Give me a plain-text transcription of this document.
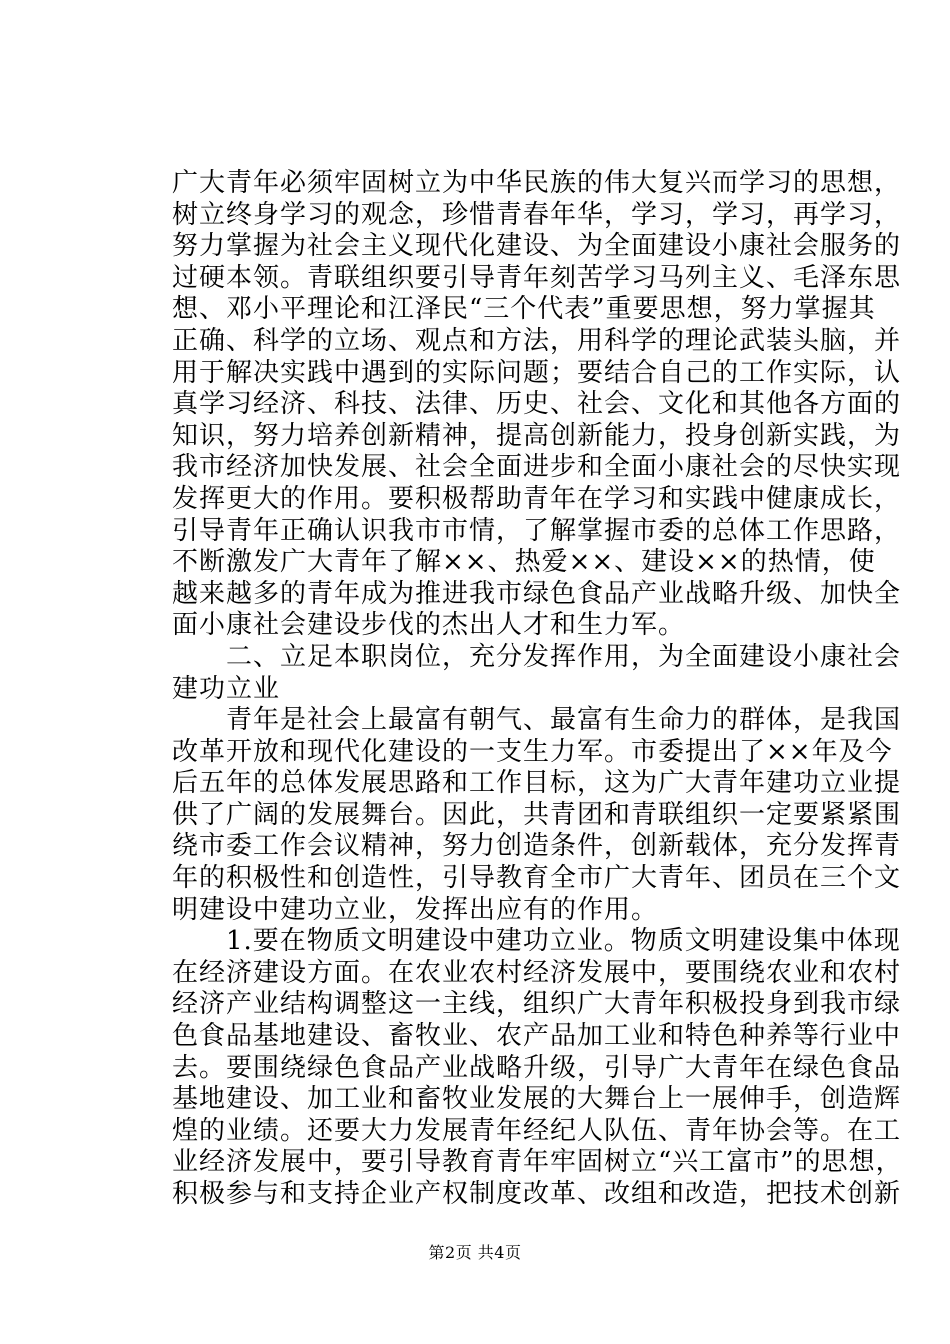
广大青年必须牢固树立为中华民族的伟大复兴而学习的思想，
树立终身学习的观念，珍惜青春年华，学习，学习，再学习，
努力掌握为社会主义现代化建设、为全面建设小康社会服务的
过硬本领。青联组织要引导青年刻苦学习马列主义、毛泽东思
想、邓小平理论和江泽民“三个代表”重要思想，努力掌握其
正确、科学的立场、观点和方法，用科学的理论武装头脑，并
用于解决实践中遇到的实际问题；要结合自己的工作实际，认
真学习经济、科技、法律、历史、社会、文化和其他各方面的
知识，努力培养创新精神，提高创新能力，投身创新实践，为
我市经济加快发展、社会全面进步和全面小康社会的尽快实现
发挥更大的作用。要积极帮助青年在学习和实践中健康成长，
引导青年正确认识我市市情，了解掌握市委的总体工作思路，
不断激发广大青年了解××、热爱××、建设××的热情，使
越来越多的青年成为推进我市绿色食品产业战略升级、加快全
面小康社会建设步伐的杰出人才和生力军。
　　二、立足本职岗位，充分发挥作用，为全面建设小康社会
建功立业
　　青年是社会上最富有朝气、最富有生命力的群体，是我国
改革开放和现代化建设的一支生力军。市委提出了××年及今
后五年的总体发展思路和工作目标，这为广大青年建功立业提
供了广阔的发展舞台。因此，共青团和青联组织一定要紧紧围
绕市委工作会议精神，努力创造条件，创新载体，充分发挥青
年的积极性和创造性，引导教育全市广大青年、团员在三个文
明建设中建功立业，发挥出应有的作用。
　　1.要在物质文明建设中建功立业。物质文明建设集中体现
在经济建设方面。在农业农村经济发展中，要围绕农业和农村
经济产业结构调整这一主线，组织广大青年积极投身到我市绿
色食品基地建设、畜牧业、农产品加工业和特色种养等行业中
去。要围绕绿色食品产业战略升级，引导广大青年在绿色食品
基地建设、加工业和畜牧业发展的大舞台上一展伸手，创造辉
煌的业绩。还要大力发展青年经纪人队伍、青年协会等。在工
业经济发展中，要引导教育青年牢固树立“兴工富市”的思想，
积极参与和支持企业产权制度改革、改组和改造，把技术创新
第2页 共4页
